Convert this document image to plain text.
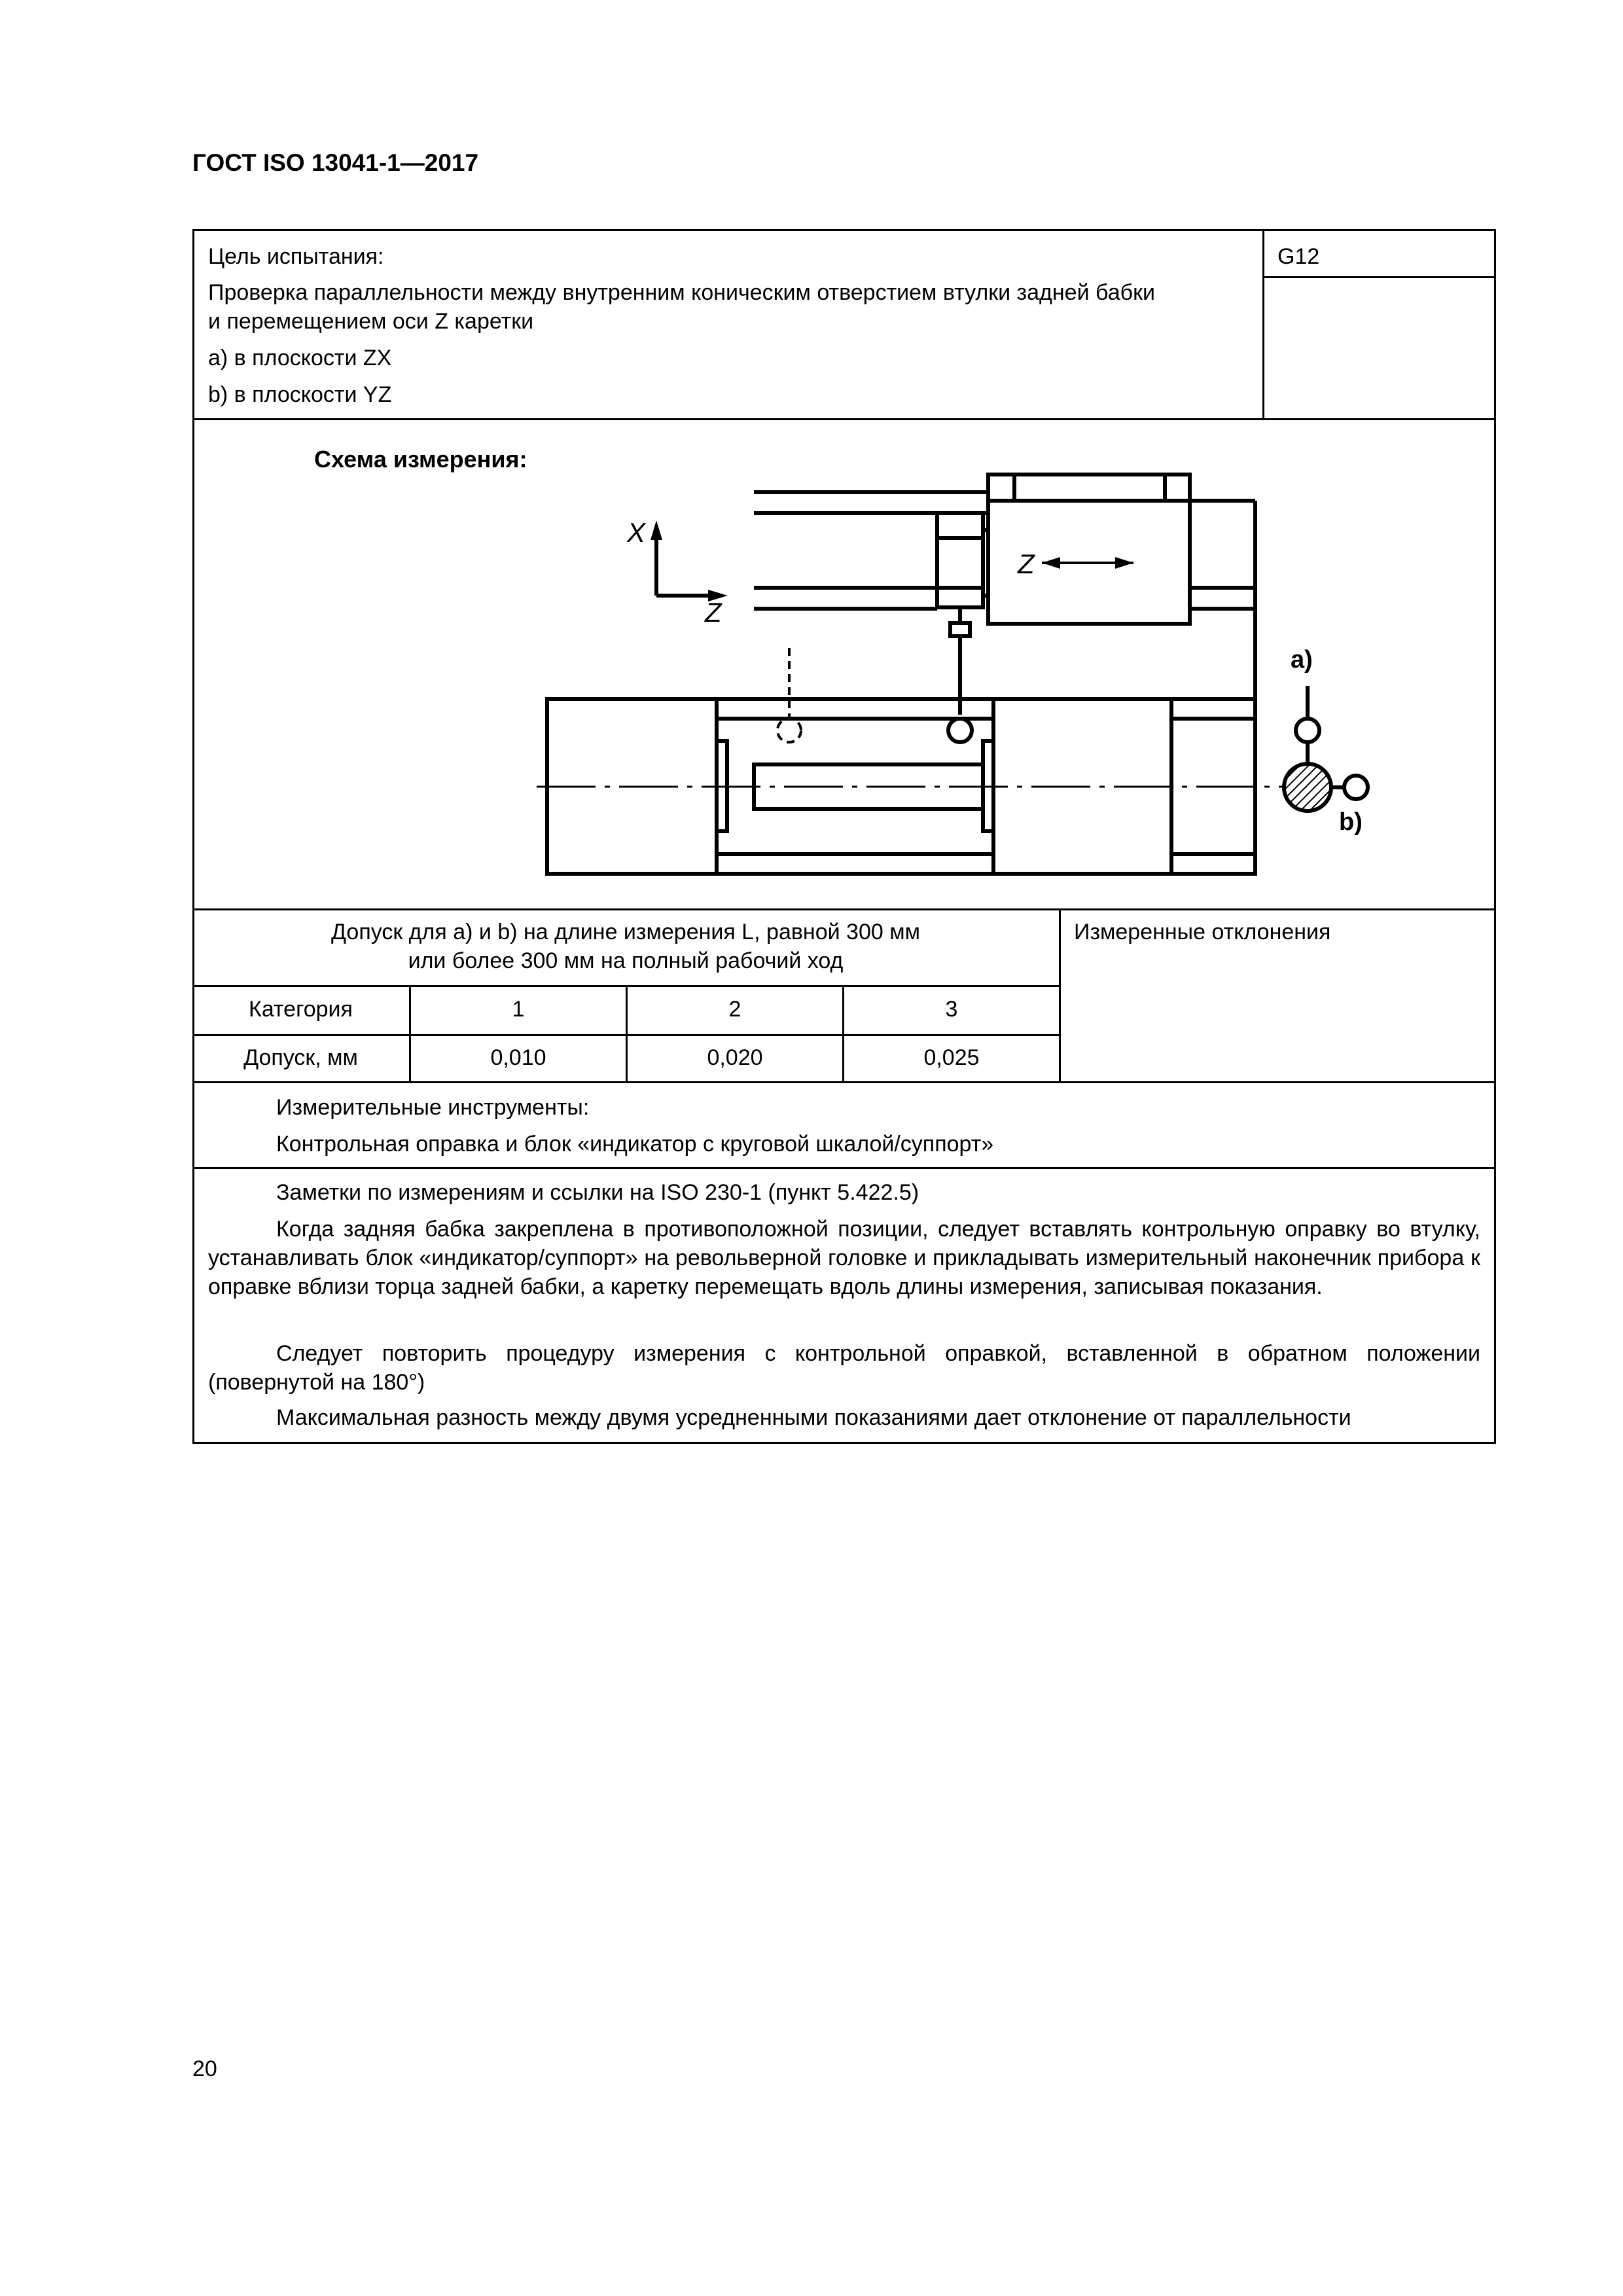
ГОСТ ISO 13041-1—2017
Цель испытания:	G12
Проверка параллельности между внутренним коническим отверстием втулки задней бабки
и перемещением оси Z каретки
a) в плоскости ZX
b) в плоскости YZ
Схема измерения:
X
Z
Z
a)
b)
Допуск для a) и b) на длине измерения L, равной 300 мм
или более 300 мм на полный рабочий ход
Измеренные отклонения
Категория	1	2	3
Допуск, мм	0,010	0,020	0,025
Измерительные инструменты:
Контрольная оправка и блок «индикатор с круговой шкалой/суппорт»
Заметки по измерениям и ссылки на ISO 230-1 (пункт 5.422.5)
Когда задняя бабка закреплена в противоположной позиции, следует вставлять контрольную оправку во втулку, устанавливать блок «индикатор/суппорт» на револьверной головке и прикладывать измерительный наконечник прибора к оправке вблизи торца задней бабки, а каретку перемещать вдоль длины измерения, записывая показания.
Следует повторить процедуру измерения с контрольной оправкой, вставленной в обратном положении (повернутой на 180°)
Максимальная разность между двумя усредненными показаниями дает отклонение от параллельности
20
